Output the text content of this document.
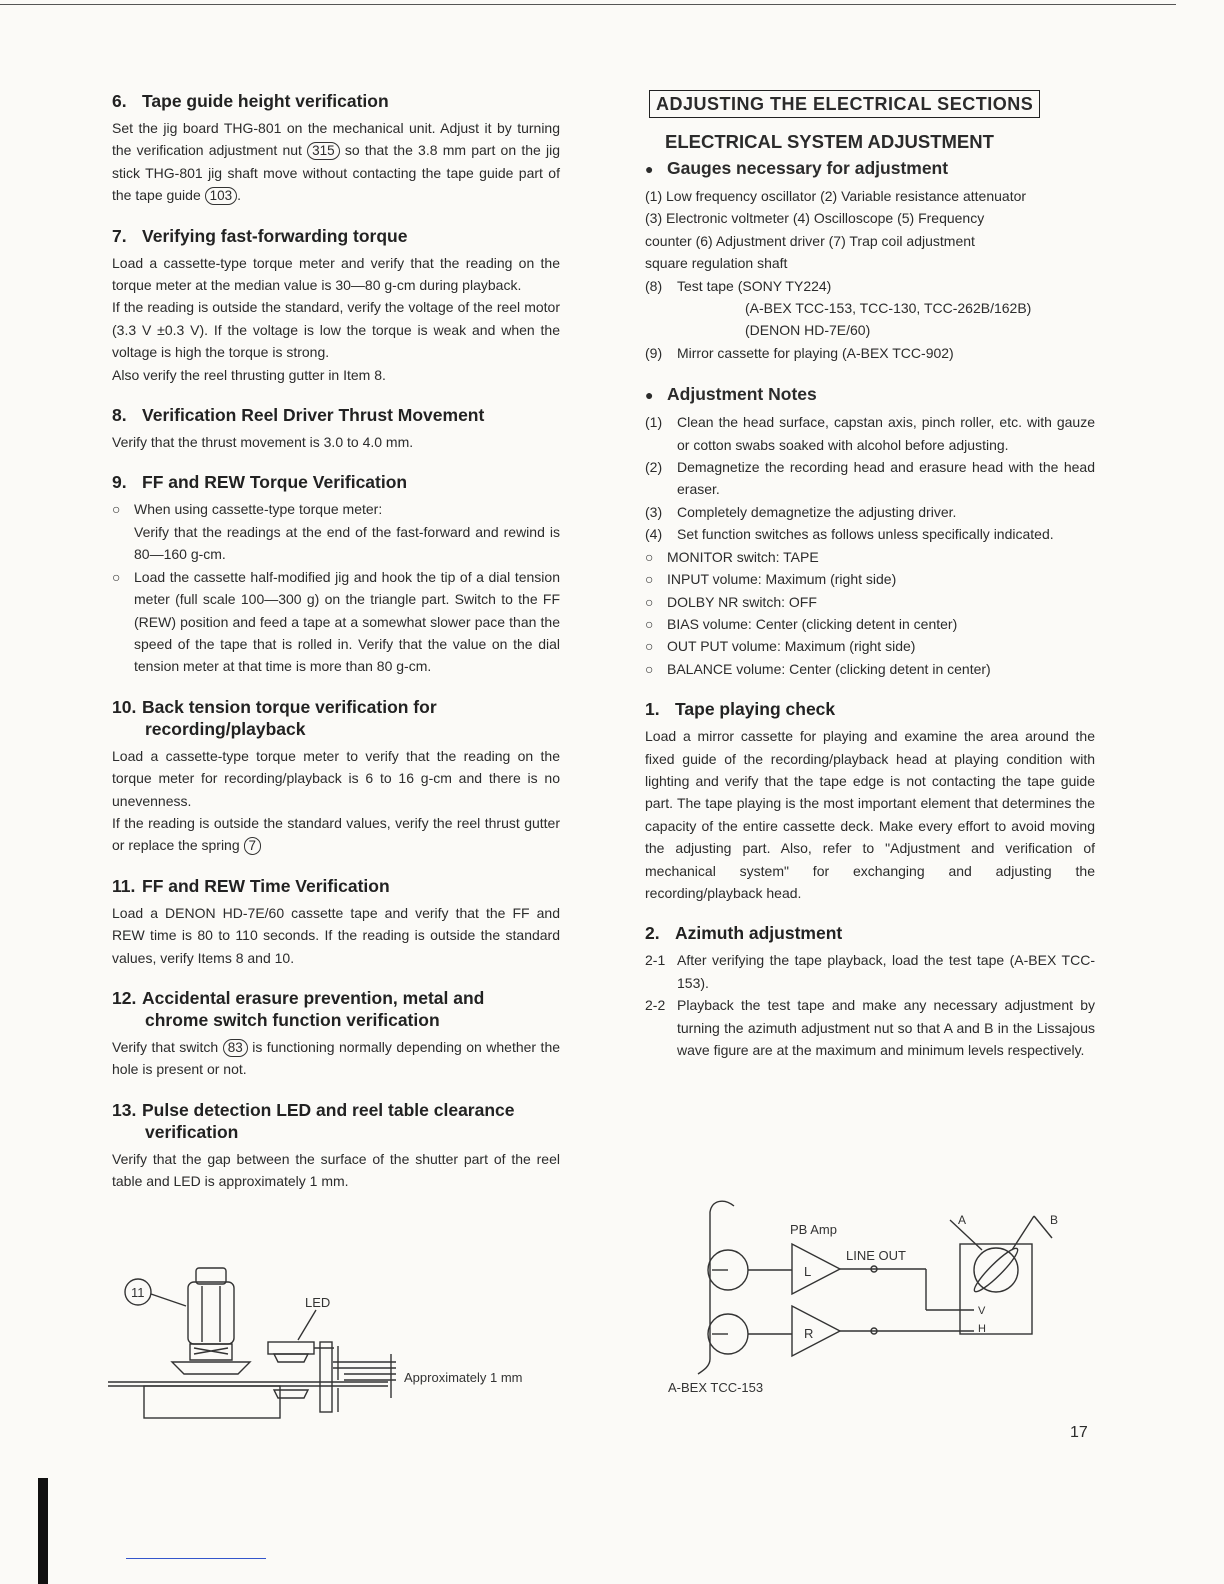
6. Tape guide height verification

Set the jig board THG-801 on the mechanical unit. Adjust it by turning the verification adjustment nut 315 so that the 3.8 mm part on the jig stick THG-801 jig shaft move without contacting the tape guide part of the tape guide 103 .

7. Verifying fast-forwarding torque

Load a cassette-type torque meter and verify that the reading on the torque meter at the median value is 30—80 g-cm during playback.

If the reading is outside the standard, verify the voltage of the reel motor (3.3 V ±0.3 V). If the voltage is low the torque is weak and when the voltage is high the torque is strong.

Also verify the reel thrusting gutter in Item 8.

8. Verification Reel Driver Thrust Movement

Verify that the thrust movement is 3.0 to 4.0 mm.

9. FF and REW Torque Verification
○ When using cassette-type torque meter:
Verify that the readings at the end of the fast-forward and rewind is 80—160 g-cm.
○ Load the cassette half-modified jig and hook the tip of a dial tension meter (full scale 100—300 g) on the triangle part. Switch to the FF (REW) position and feed a tape at a somewhat slower pace than the speed of the tape that is rolled in. Verify that the value on the dial tension meter at that time is more than 80 g-cm.
10. Back tension torque verification for
recording/playback

Load a cassette-type torque meter to verify that the reading on the torque meter for recording/playback is 6 to 16 g-cm and there is no unevenness.

If the reading is outside the standard values, verify the reel thrust gutter or replace the spring 7

11. FF and REW Time Verification

Load a DENON HD-7E/60 cassette tape and verify that the FF and REW time is 80 to 110 seconds. If the reading is outside the standard values, verify Items 8 and 10.

12. Accidental erasure prevention, metal and
chrome switch function verification

Verify that switch 83 is functioning normally depending on whether the hole is present or not.

13. Pulse detection LED and reel table clearance
verification

Verify that the gap between the surface of the shutter part of the reel table and LED is approximately 1 mm.

11
LED
Approximately 1 mm
ADJUSTING THE ELECTRICAL SECTIONS
ELECTRICAL SYSTEM ADJUSTMENT
● Gauges necessary for adjustment

(1) Low frequency oscillator (2) Variable resistance attenuator

(3) Electronic voltmeter (4) Oscilloscope (5) Frequency

counter (6) Adjustment driver (7) Trap coil adjustment

square regulation shaft

(8)	Test tape (SONY TY224)
(A-BEX TCC-153, TCC-130, TCC-262B/162B)
(DENON HD-7E/60)
(9)	Mirror cassette for playing (A-BEX TCC-902)
● Adjustment Notes
(1)	Clean the head surface, capstan axis, pinch roller, etc. with gauze or cotton swabs soaked with alcohol before adjusting.
(2)	Demagnetize the recording head and erasure head with the head eraser.
(3)	Completely demagnetize the adjusting driver.
(4)	Set function switches as follows unless specifically indicated.
○ MONITOR switch: TAPE
○ INPUT volume: Maximum (right side)
○ DOLBY NR switch: OFF
○ BIAS volume: Center (clicking detent in center)
○ OUT PUT volume: Maximum (right side)
○ BALANCE volume: Center (clicking detent in center)
1. Tape playing check

Load a mirror cassette for playing and examine the area around the fixed guide of the recording/playback head at playing condition with lighting and verify that the tape edge is not contacting the tape guide part. The tape playing is the most important element that determines the capacity of the entire cassette deck. Make every effort to avoid moving the adjusting part. Also, refer to "Adjustment and verification of mechanical system" for exchanging and adjusting the recording/playback head.

2. Azimuth adjustment
2-1 After verifying the tape playback, load the test tape (A-BEX TCC-153).
2-2 Playback the test tape and make any necessary adjustment by turning the azimuth adjustment nut so that A and B in the Lissajous wave figure are at the maximum and minimum levels respectively.
PB Amp
LINE OUT
L
R
V
H
A	B
A-BEX TCC-153
17
